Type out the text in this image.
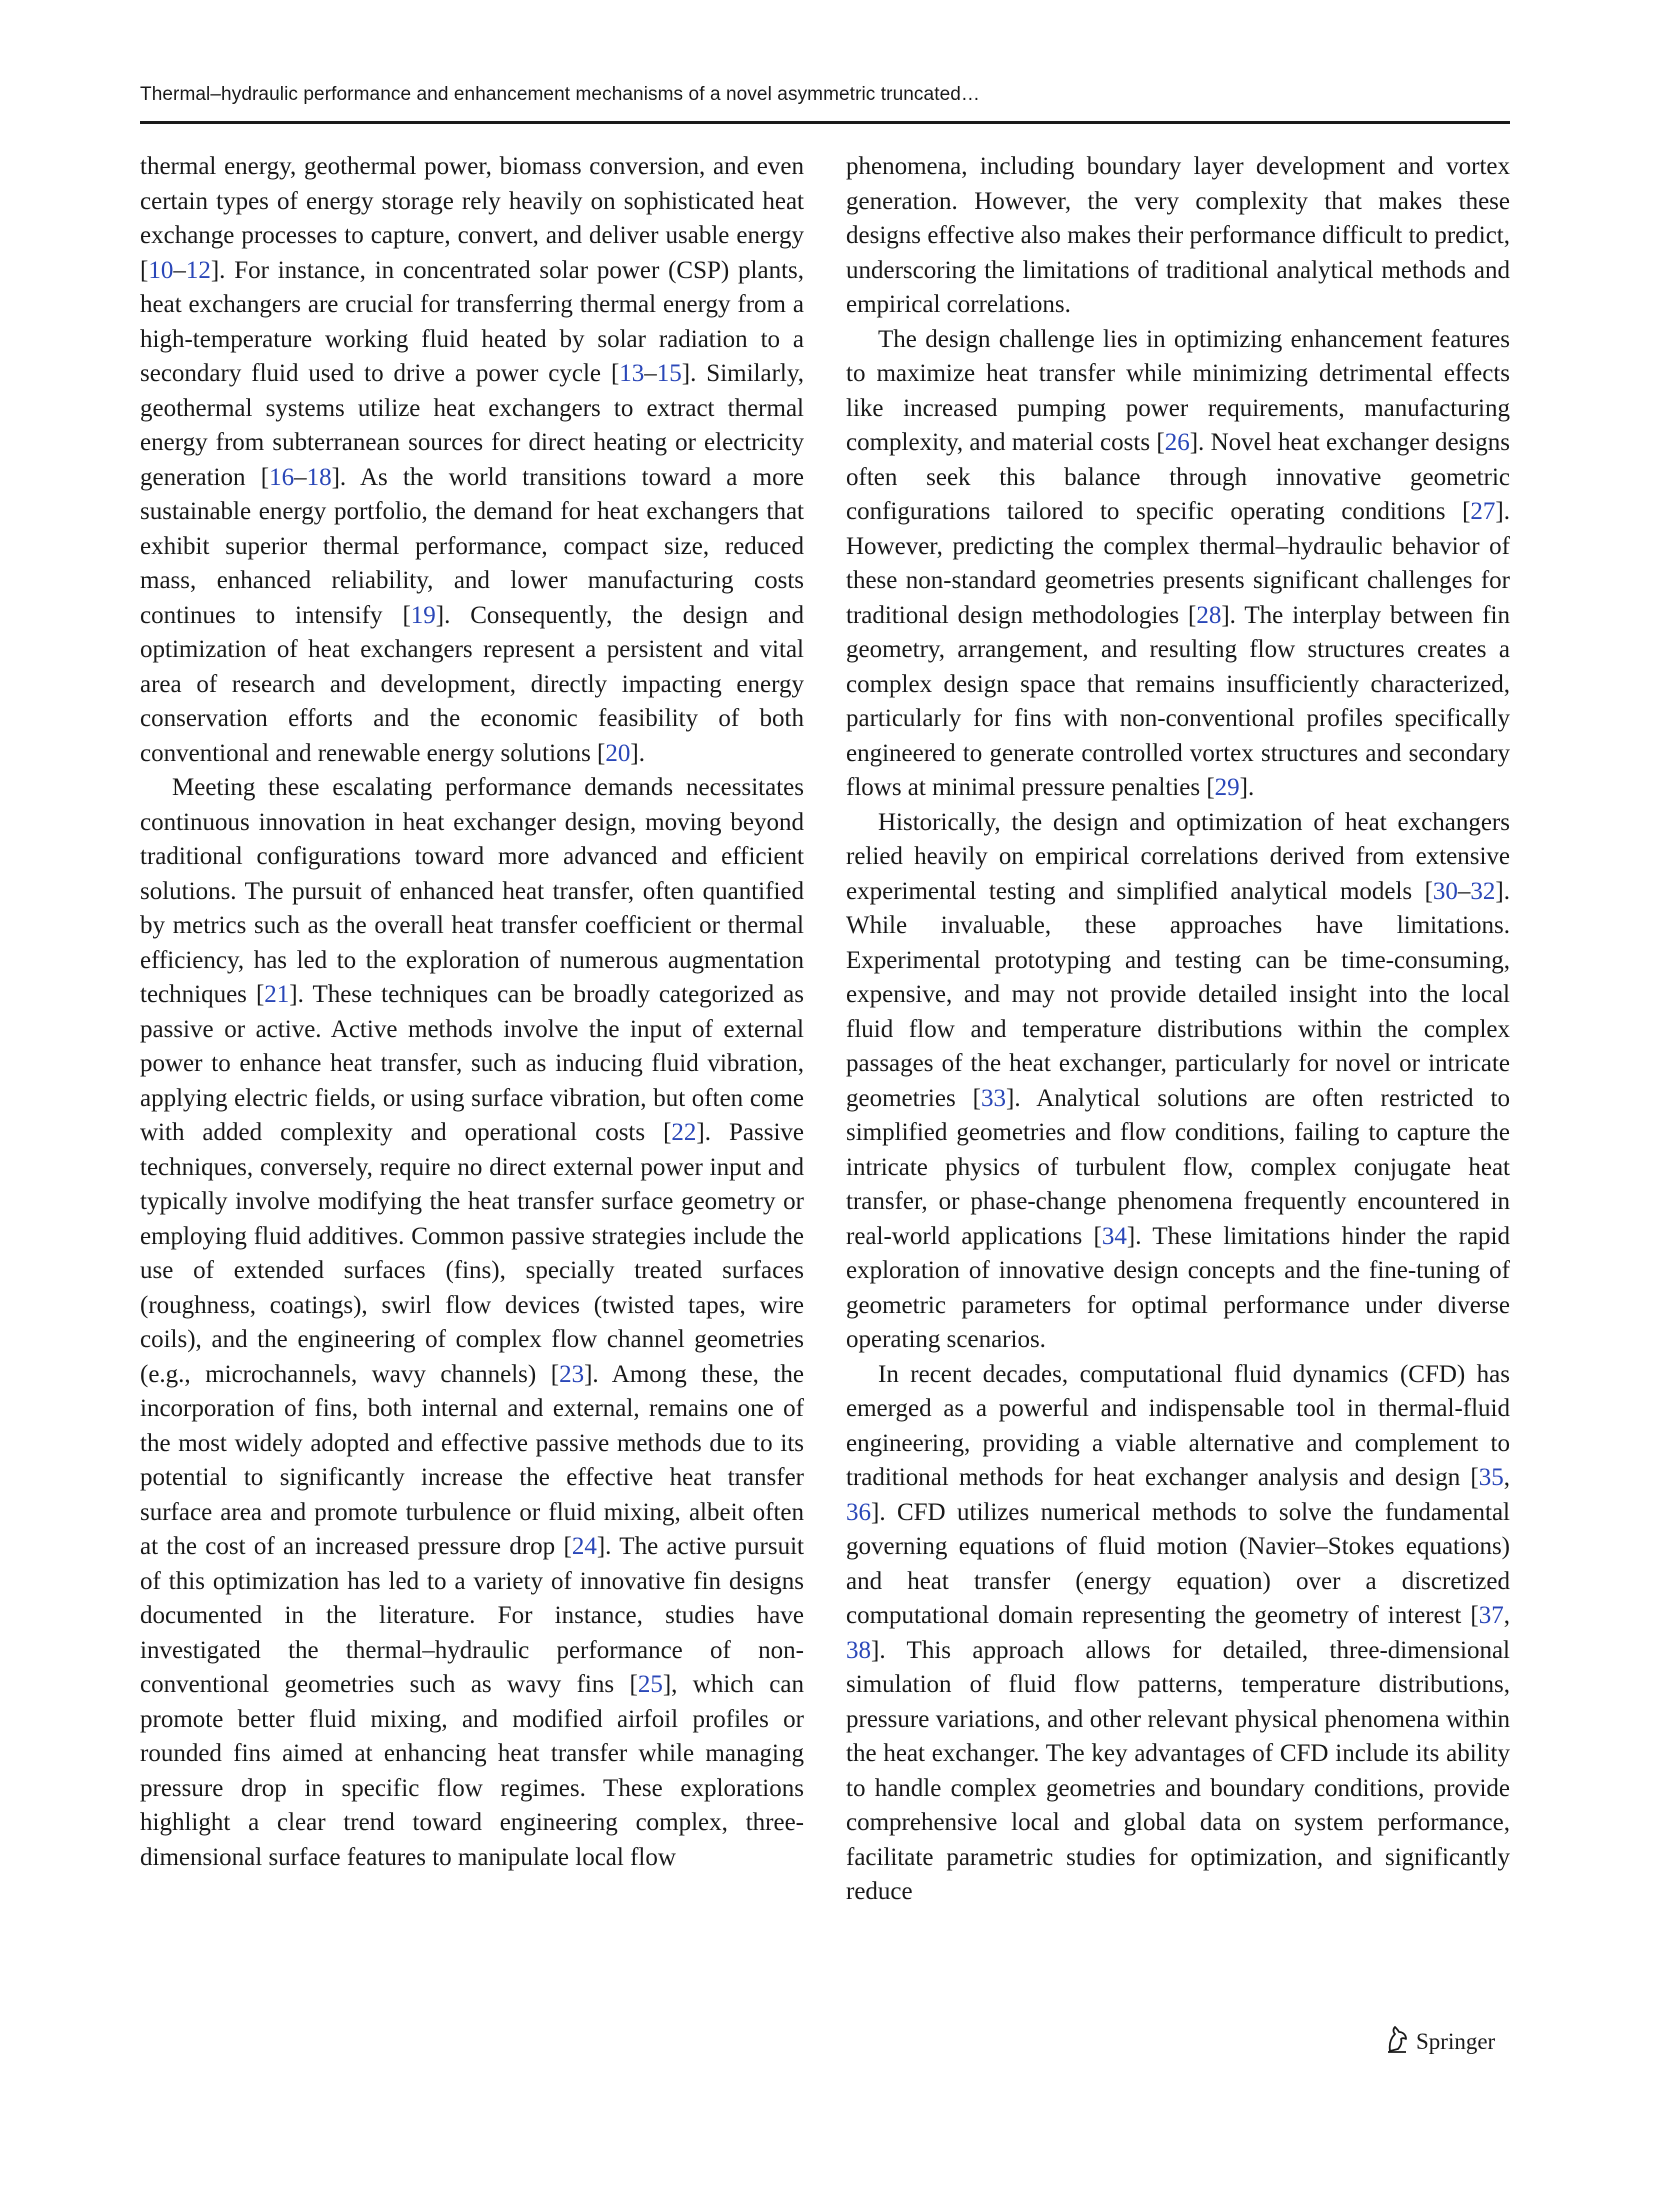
Thermal–hydraulic performance and enhancement mechanisms of a novel asymmetric truncated…

thermal energy, geothermal power, biomass conversion, and even certain types of energy storage rely heavily on sophisticated heat exchange processes to capture, convert, and deliver usable energy [10–12]. For instance, in concentrated solar power (CSP) plants, heat exchangers are crucial for transferring thermal energy from a high-temperature working fluid heated by solar radiation to a secondary fluid used to drive a power cycle [13–15]. Similarly, geothermal systems utilize heat exchangers to extract thermal energy from subterranean sources for direct heating or electricity generation [16–18]. As the world transitions toward a more sustainable energy portfolio, the demand for heat exchangers that exhibit superior thermal performance, compact size, reduced mass, enhanced reliability, and lower manufacturing costs continues to intensify [19]. Consequently, the design and optimization of heat exchangers represent a persistent and vital area of research and development, directly impacting energy conservation efforts and the economic feasibility of both conventional and renewable energy solutions [20].

Meeting these escalating performance demands necessitates continuous innovation in heat exchanger design, moving beyond traditional configurations toward more advanced and efficient solutions. The pursuit of enhanced heat transfer, often quantified by metrics such as the overall heat transfer coefficient or thermal efficiency, has led to the exploration of numerous augmentation techniques [21]. These techniques can be broadly categorized as passive or active. Active methods involve the input of external power to enhance heat transfer, such as inducing fluid vibration, applying electric fields, or using surface vibration, but often come with added complexity and operational costs [22]. Passive techniques, conversely, require no direct external power input and typically involve modifying the heat transfer surface geometry or employing fluid additives. Common passive strategies include the use of extended surfaces (fins), specially treated surfaces (roughness, coatings), swirl flow devices (twisted tapes, wire coils), and the engineering of complex flow channel geometries (e.g., microchannels, wavy channels) [23]. Among these, the incorporation of fins, both internal and external, remains one of the most widely adopted and effective passive methods due to its potential to significantly increase the effective heat transfer surface area and promote turbulence or fluid mixing, albeit often at the cost of an increased pressure drop [24]. The active pursuit of this optimization has led to a variety of innovative fin designs documented in the literature. For instance, studies have investigated the thermal–hydraulic performance of non-conventional geometries such as wavy fins [25], which can promote better fluid mixing, and modified airfoil profiles or rounded fins aimed at enhancing heat transfer while managing pressure drop in specific flow regimes. These explorations highlight a clear trend toward engineering complex, three-dimensional surface features to manipulate local flow

phenomena, including boundary layer development and vortex generation. However, the very complexity that makes these designs effective also makes their performance difficult to predict, underscoring the limitations of traditional analytical methods and empirical correlations.

The design challenge lies in optimizing enhancement features to maximize heat transfer while minimizing detrimental effects like increased pumping power requirements, manufacturing complexity, and material costs [26]. Novel heat exchanger designs often seek this balance through innovative geometric configurations tailored to specific operating conditions [27]. However, predicting the complex thermal–hydraulic behavior of these non-standard geometries presents significant challenges for traditional design methodologies [28]. The interplay between fin geometry, arrangement, and resulting flow structures creates a complex design space that remains insufficiently characterized, particularly for fins with non-conventional profiles specifically engineered to generate controlled vortex structures and secondary flows at minimal pressure penalties [29].

Historically, the design and optimization of heat exchangers relied heavily on empirical correlations derived from extensive experimental testing and simplified analytical models [30–32]. While invaluable, these approaches have limitations. Experimental prototyping and testing can be time-consuming, expensive, and may not provide detailed insight into the local fluid flow and temperature distributions within the complex passages of the heat exchanger, particularly for novel or intricate geometries [33]. Analytical solutions are often restricted to simplified geometries and flow conditions, failing to capture the intricate physics of turbulent flow, complex conjugate heat transfer, or phase-change phenomena frequently encountered in real-world applications [34]. These limitations hinder the rapid exploration of innovative design concepts and the fine-tuning of geometric parameters for optimal performance under diverse operating scenarios.

In recent decades, computational fluid dynamics (CFD) has emerged as a powerful and indispensable tool in thermal-fluid engineering, providing a viable alternative and complement to traditional methods for heat exchanger analysis and design [35, 36]. CFD utilizes numerical methods to solve the fundamental governing equations of fluid motion (Navier–Stokes equations) and heat transfer (energy equation) over a discretized computational domain representing the geometry of interest [37, 38]. This approach allows for detailed, three-dimensional simulation of fluid flow patterns, temperature distributions, pressure variations, and other relevant physical phenomena within the heat exchanger. The key advantages of CFD include its ability to handle complex geometries and boundary conditions, provide comprehensive local and global data on system performance, facilitate parametric studies for optimization, and significantly reduce

Springer
